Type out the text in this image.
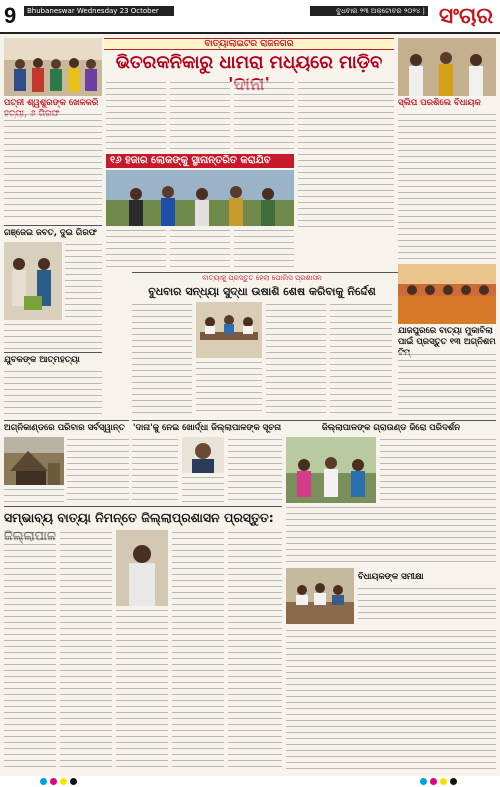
9	Bhubaneswar Wednesday 23 October 2024
ବୁଧବାର ୨୩ ଅକ୍ଟୋବର ୨୦୨୪ | ଭୁବନେଶ୍ୱର ସଂଚାର
ବାତ୍ୟାଲାଇଟର ରାଜନଗର
ଭିତରକନିକାରୁ ଧାମରା ମଧ୍ୟରେ ମାଡ଼ିବ
ପତ୍ନୀ ଶ୍ୱଶୁରଙ୍କ ଖେଳକରି
ଗଞ୍ଜେଇ ଜବତ, ଦୁଇ ଗିରଫ
ଯୁବକଙ୍କ ଆତ୍ମହତ୍ୟା
ଅଗ୍ନିକାଣ୍ଡରେ ପରିବାର ସର୍ବସ୍ୱାନ୍ତ
୧୬ ହଜାର ଲୋକଙ୍କୁ ସ୍ଥାନାନ୍ତରିତ କରାଯିବ
ସ୍ଲିପ ପରଶିଲେ ବିଧାୟକ
ବାତ୍ୟାକୁ ପ୍ରସ୍ତୁତ ହେଲା ପୋଲିସ ପ୍ରଶାସନ
ବୁଧବାର ସନ୍ଧ୍ୟା ସୁଦ୍ଧା ଉଷାଶି ଶେଷ କରିବାକୁ ନିର୍ଦ୍ଦେଶ
ଯାଜପୁରରେ ବାତ୍ୟା ମୁକାବିଲା ପାଇଁ ପ୍ରସ୍ତୁତ ୧୩ ଅଗ୍ନିଶମ
'ଦାନା'କୁ ନେଇ ଖୋର୍ଦ୍ଧା ଜିଲ୍ଲାପାଳଙ୍କ ସୂଚନା	ଜିଲ୍ଲାପାଳଙ୍କ ଗ୍ରାଉଣ୍ଡ ଜିରୋ ପରିଦର୍ଶନ
ସମ୍ଭାବ୍ୟ ବାତ୍ୟା ନିମନ୍ତେ ଜିଲ୍ଲାପ୍ରଶାସନ ପ୍ରସ୍ତୁତ:
ବିଧାୟକଙ୍କ ସମୀକ୍ଷା
